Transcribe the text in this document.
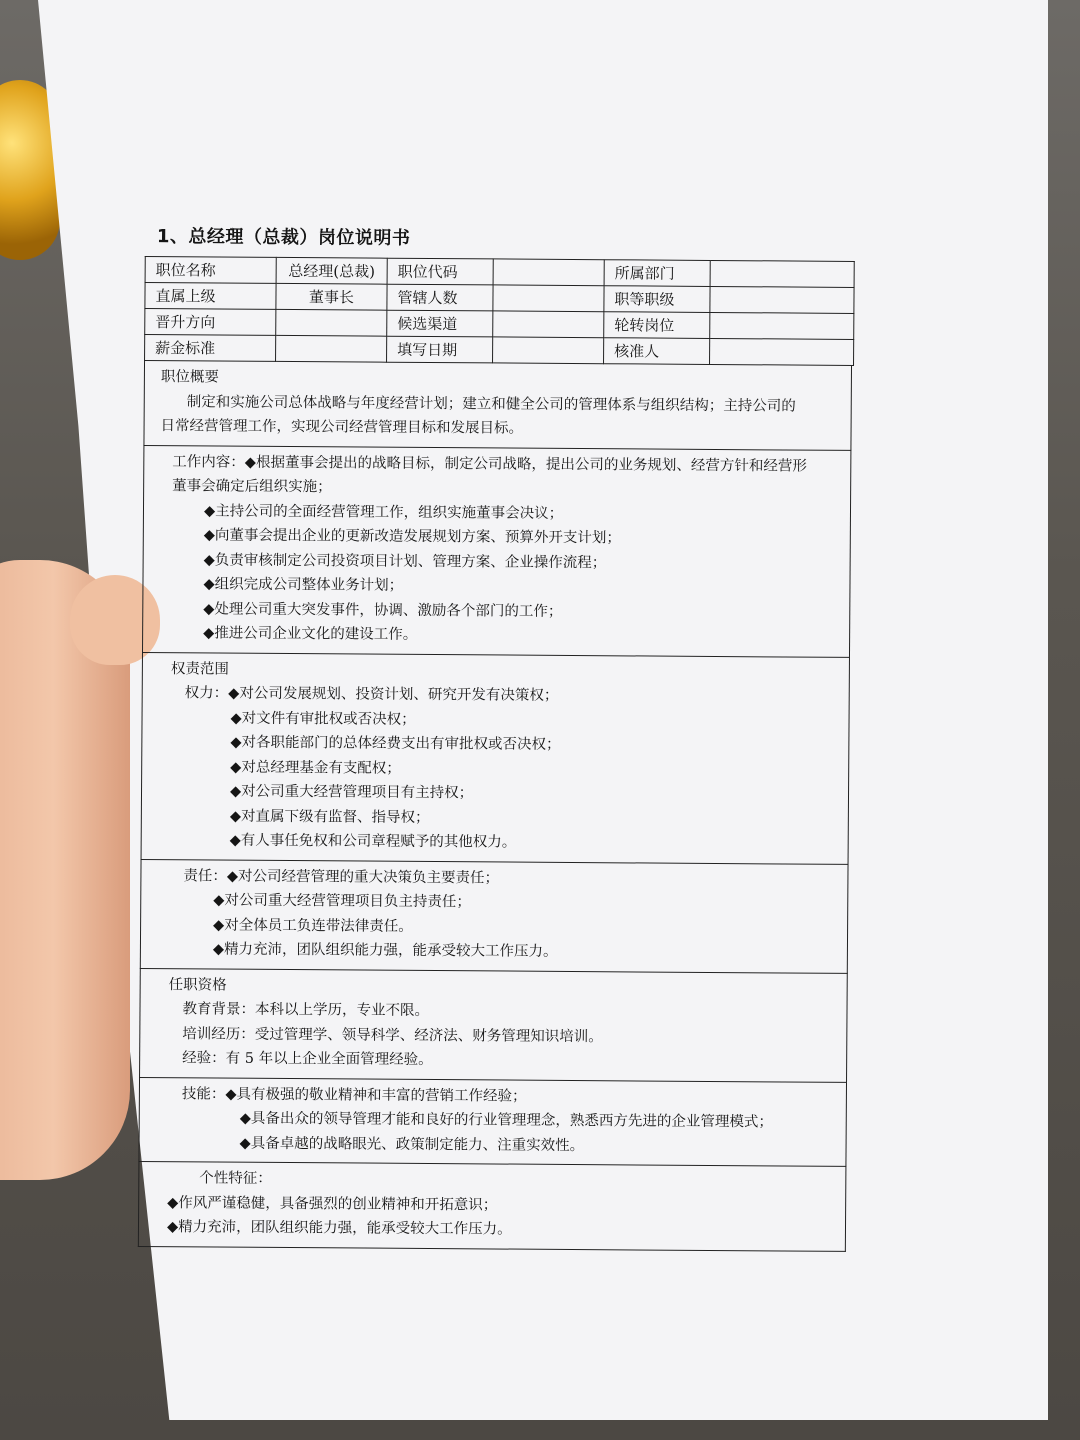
1、总经理（总裁）岗位说明书
职位名称	总经理(总裁)	职位代码		所属部门	
直属上级	董事长	管辖人数		职等职级	
晋升方向		候选渠道		轮转岗位	
薪金标准		填写日期		核准人	
职位概要
制定和实施公司总体战略与年度经营计划；建立和健全公司的管理体系与组织结构；主持公司的
日常经营管理工作，实现公司经营管理目标和发展目标。
工作内容：◆根据董事会提出的战略目标，制定公司战略，提出公司的业务规划、经营方针和经营形
董事会确定后组织实施；
◆主持公司的全面经营管理工作，组织实施董事会决议；
◆向董事会提出企业的更新改造发展规划方案、预算外开支计划；
◆负责审核制定公司投资项目计划、管理方案、企业操作流程；
◆组织完成公司整体业务计划；
◆处理公司重大突发事件，协调、激励各个部门的工作；
◆推进公司企业文化的建设工作。
权责范围
权力：◆对公司发展规划、投资计划、研究开发有决策权；
◆对文件有审批权或否决权；
◆对各职能部门的总体经费支出有审批权或否决权；
◆对总经理基金有支配权；
◆对公司重大经营管理项目有主持权；
◆对直属下级有监督、指导权；
◆有人事任免权和公司章程赋予的其他权力。
责任：◆对公司经营管理的重大决策负主要责任；
◆对公司重大经营管理项目负主持责任；
◆对全体员工负连带法律责任。
◆精力充沛，团队组织能力强，能承受较大工作压力。
任职资格
教育背景：本科以上学历，专业不限。
培训经历：受过管理学、领导科学、经济法、财务管理知识培训。
经验：有 5 年以上企业全面管理经验。
技能：◆具有极强的敬业精神和丰富的营销工作经验；
◆具备出众的领导管理才能和良好的行业管理理念，熟悉西方先进的企业管理模式；
◆具备卓越的战略眼光、政策制定能力、注重实效性。
个性特征：
◆作风严谨稳健，具备强烈的创业精神和开拓意识；
◆精力充沛，团队组织能力强，能承受较大工作压力。
